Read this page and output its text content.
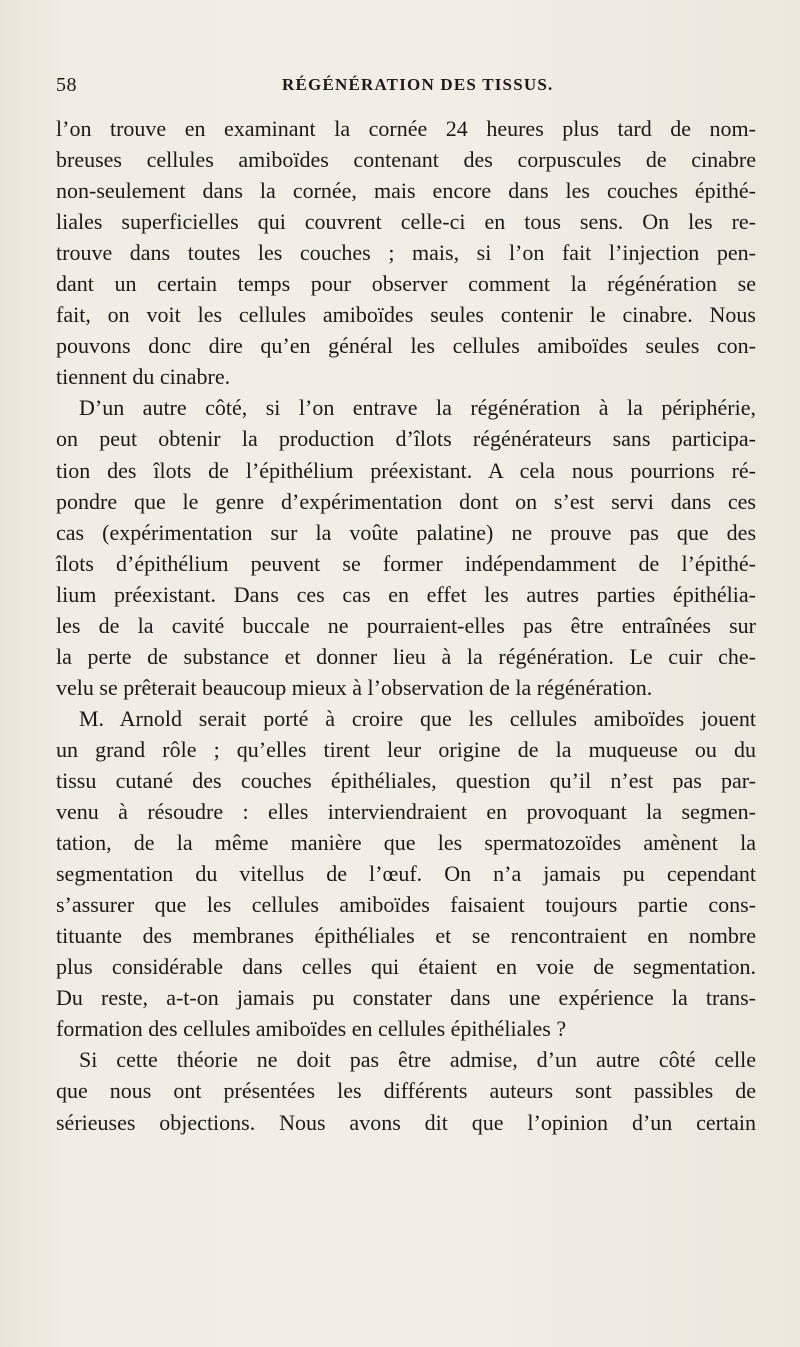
58	RÉGÉNÉRATION DES TISSUS.
l’on trouve en examinant la cornée 24 heures plus tard de nom-
breuses cellules amiboïdes contenant des corpuscules de cinabre
non-seulement dans la cornée, mais encore dans les couches épithé-
liales superficielles qui couvrent celle-ci en tous sens. On les re-
trouve dans toutes les couches ; mais, si l’on fait l’injection pen-
dant un certain temps pour observer comment la régénération se
fait, on voit les cellules amiboïdes seules contenir le cinabre. Nous
pouvons donc dire qu’en général les cellules amiboïdes seules con-
tiennent du cinabre.
D’un autre côté, si l’on entrave la régénération à la périphérie,
on peut obtenir la production d’îlots régénérateurs sans participa-
tion des îlots de l’épithélium préexistant. A cela nous pourrions ré-
pondre que le genre d’expérimentation dont on s’est servi dans ces
cas (expérimentation sur la voûte palatine) ne prouve pas que des
îlots d’épithélium peuvent se former indépendamment de l’épithé-
lium préexistant. Dans ces cas en effet les autres parties épithélia-
les de la cavité buccale ne pourraient-elles pas être entraînées sur
la perte de substance et donner lieu à la régénération. Le cuir che-
velu se prêterait beaucoup mieux à l’observation de la régénération.
M. Arnold serait porté à croire que les cellules amiboïdes jouent
un grand rôle ; qu’elles tirent leur origine de la muqueuse ou du
tissu cutané des couches épithéliales, question qu’il n’est pas par-
venu à résoudre : elles interviendraient en provoquant la segmen-
tation, de la même manière que les spermatozoïdes amènent la
segmentation du vitellus de l’œuf. On n’a jamais pu cependant
s’assurer que les cellules amiboïdes faisaient toujours partie cons-
tituante des membranes épithéliales et se rencontraient en nombre
plus considérable dans celles qui étaient en voie de segmentation.
Du reste, a-t-on jamais pu constater dans une expérience la trans-
formation des cellules amiboïdes en cellules épithéliales ?
Si cette théorie ne doit pas être admise, d’un autre côté celle
que nous ont présentées les différents auteurs sont passibles de
sérieuses objections. Nous avons dit que l’opinion d’un certain
